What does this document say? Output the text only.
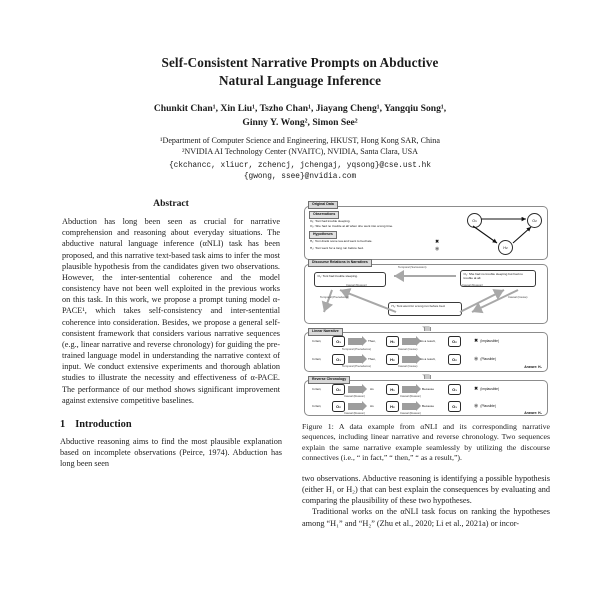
Self-Consistent Narrative Prompts on Abductive
Natural Language Inference
Chunkit Chan¹, Xin Liu¹, Tszho Chan¹, Jiayang Cheng¹, Yangqiu Song¹,
Ginny Y. Wong², Simon See²
¹Department of Computer Science and Engineering, HKUST, Hong Kong SAR, China
²NVIDIA AI Technology Center (NVAITC), NVIDIA, Santa Clara, USA
{ckchancc, xliucr, zchencj, jchengaj, yqsong}@cse.ust.hk
{gwong, ssee}@nvidia.com
Abstract

Abduction has long been seen as crucial for narrative comprehension and reasoning about everyday situations. The abductive natural language inference (αNLI) task has been proposed, and this narrative text-based task aims to infer the most plausible hypothesis from the candidates given two observations. However, the inter-sentential coherence and the model consistency have not been well exploited in the previous works on this task. In this work, we propose a prompt tuning model α-PACE¹, which takes self-consistency and inter-sentential coherence into consideration. Besides, we propose a general self-consistent framework that considers various narrative sequences (e.g., linear narrative and reverse chronology) for guiding the pre-trained language model in understanding the narrative context of input. We conduct extensive experiments and thorough ablation studies to illustrate the necessity and effectiveness of α-PACE. The performance of our method shows significant improvement against extensive competitive baselines.

1 Introduction

Abductive reasoning aims to find the most plausible explanation based on incomplete observations (Peirce, 1974). Abduction has long been seen

Original Data
Observations
O₁: Toni had trouble sleeping.
O₂: She had no trouble at all when she went into a long time.
Hypotheses
H₁: Toni drank some tea and went to bed late.
H₂: Toni went for a long run before bed.
✖
◉
O 1	O 2
H 2
Discourse Relations in Narratives
O₁: Toni had trouble sleeping.	O₂: She had no trouble sleeping but had no trouble at all.
H₂: Toni went for a long run before bed.
Temporal (Succession)
Temporal (Precedence)
Causal (Reason)	Causal (Reason)
Causal (Cause)
Linear Narrative
In fact,	O₁	Then,	H₁	As a result,	O₂	✖ (Implausible)
Temporal (Precedence)	Causal (Cause)
In fact,	O₁	Then,	H₂	As a result,	O₂	◉ (Plausible)
Temporal (Precedence)	Causal (Cause)	Answer: H₂
Reverse Chronology
In fact,	O₂	As	H₁	Because	O₁	✖ (Implausible)
Causal (Reason)	Causal (Reason)
In fact,	O₂	As	H₂	Because	O₁	◉ (Plausible)
Causal (Reason)	Causal (Reason)	Answer: H₂

Figure 1: A data example from αNLI and its corresponding narrative sequences, including linear narrative and reverse chronology. Two sequences explain the same narrative example seamlessly by utilizing the discourse connectives (i.e., “ in fact,” “ then,” “ as a result,”).

two observations. Abductive reasoning is identifying a possible hypothesis (either H₁ or H₂) that can best explain the consequences by evaluating and comparing the plausibility of these two hypotheses.

Traditional works on the αNLI task focus on ranking the hypotheses among “H₁” and “H₂” (Zhu et al., 2020; Li et al., 2021a) or incor-
